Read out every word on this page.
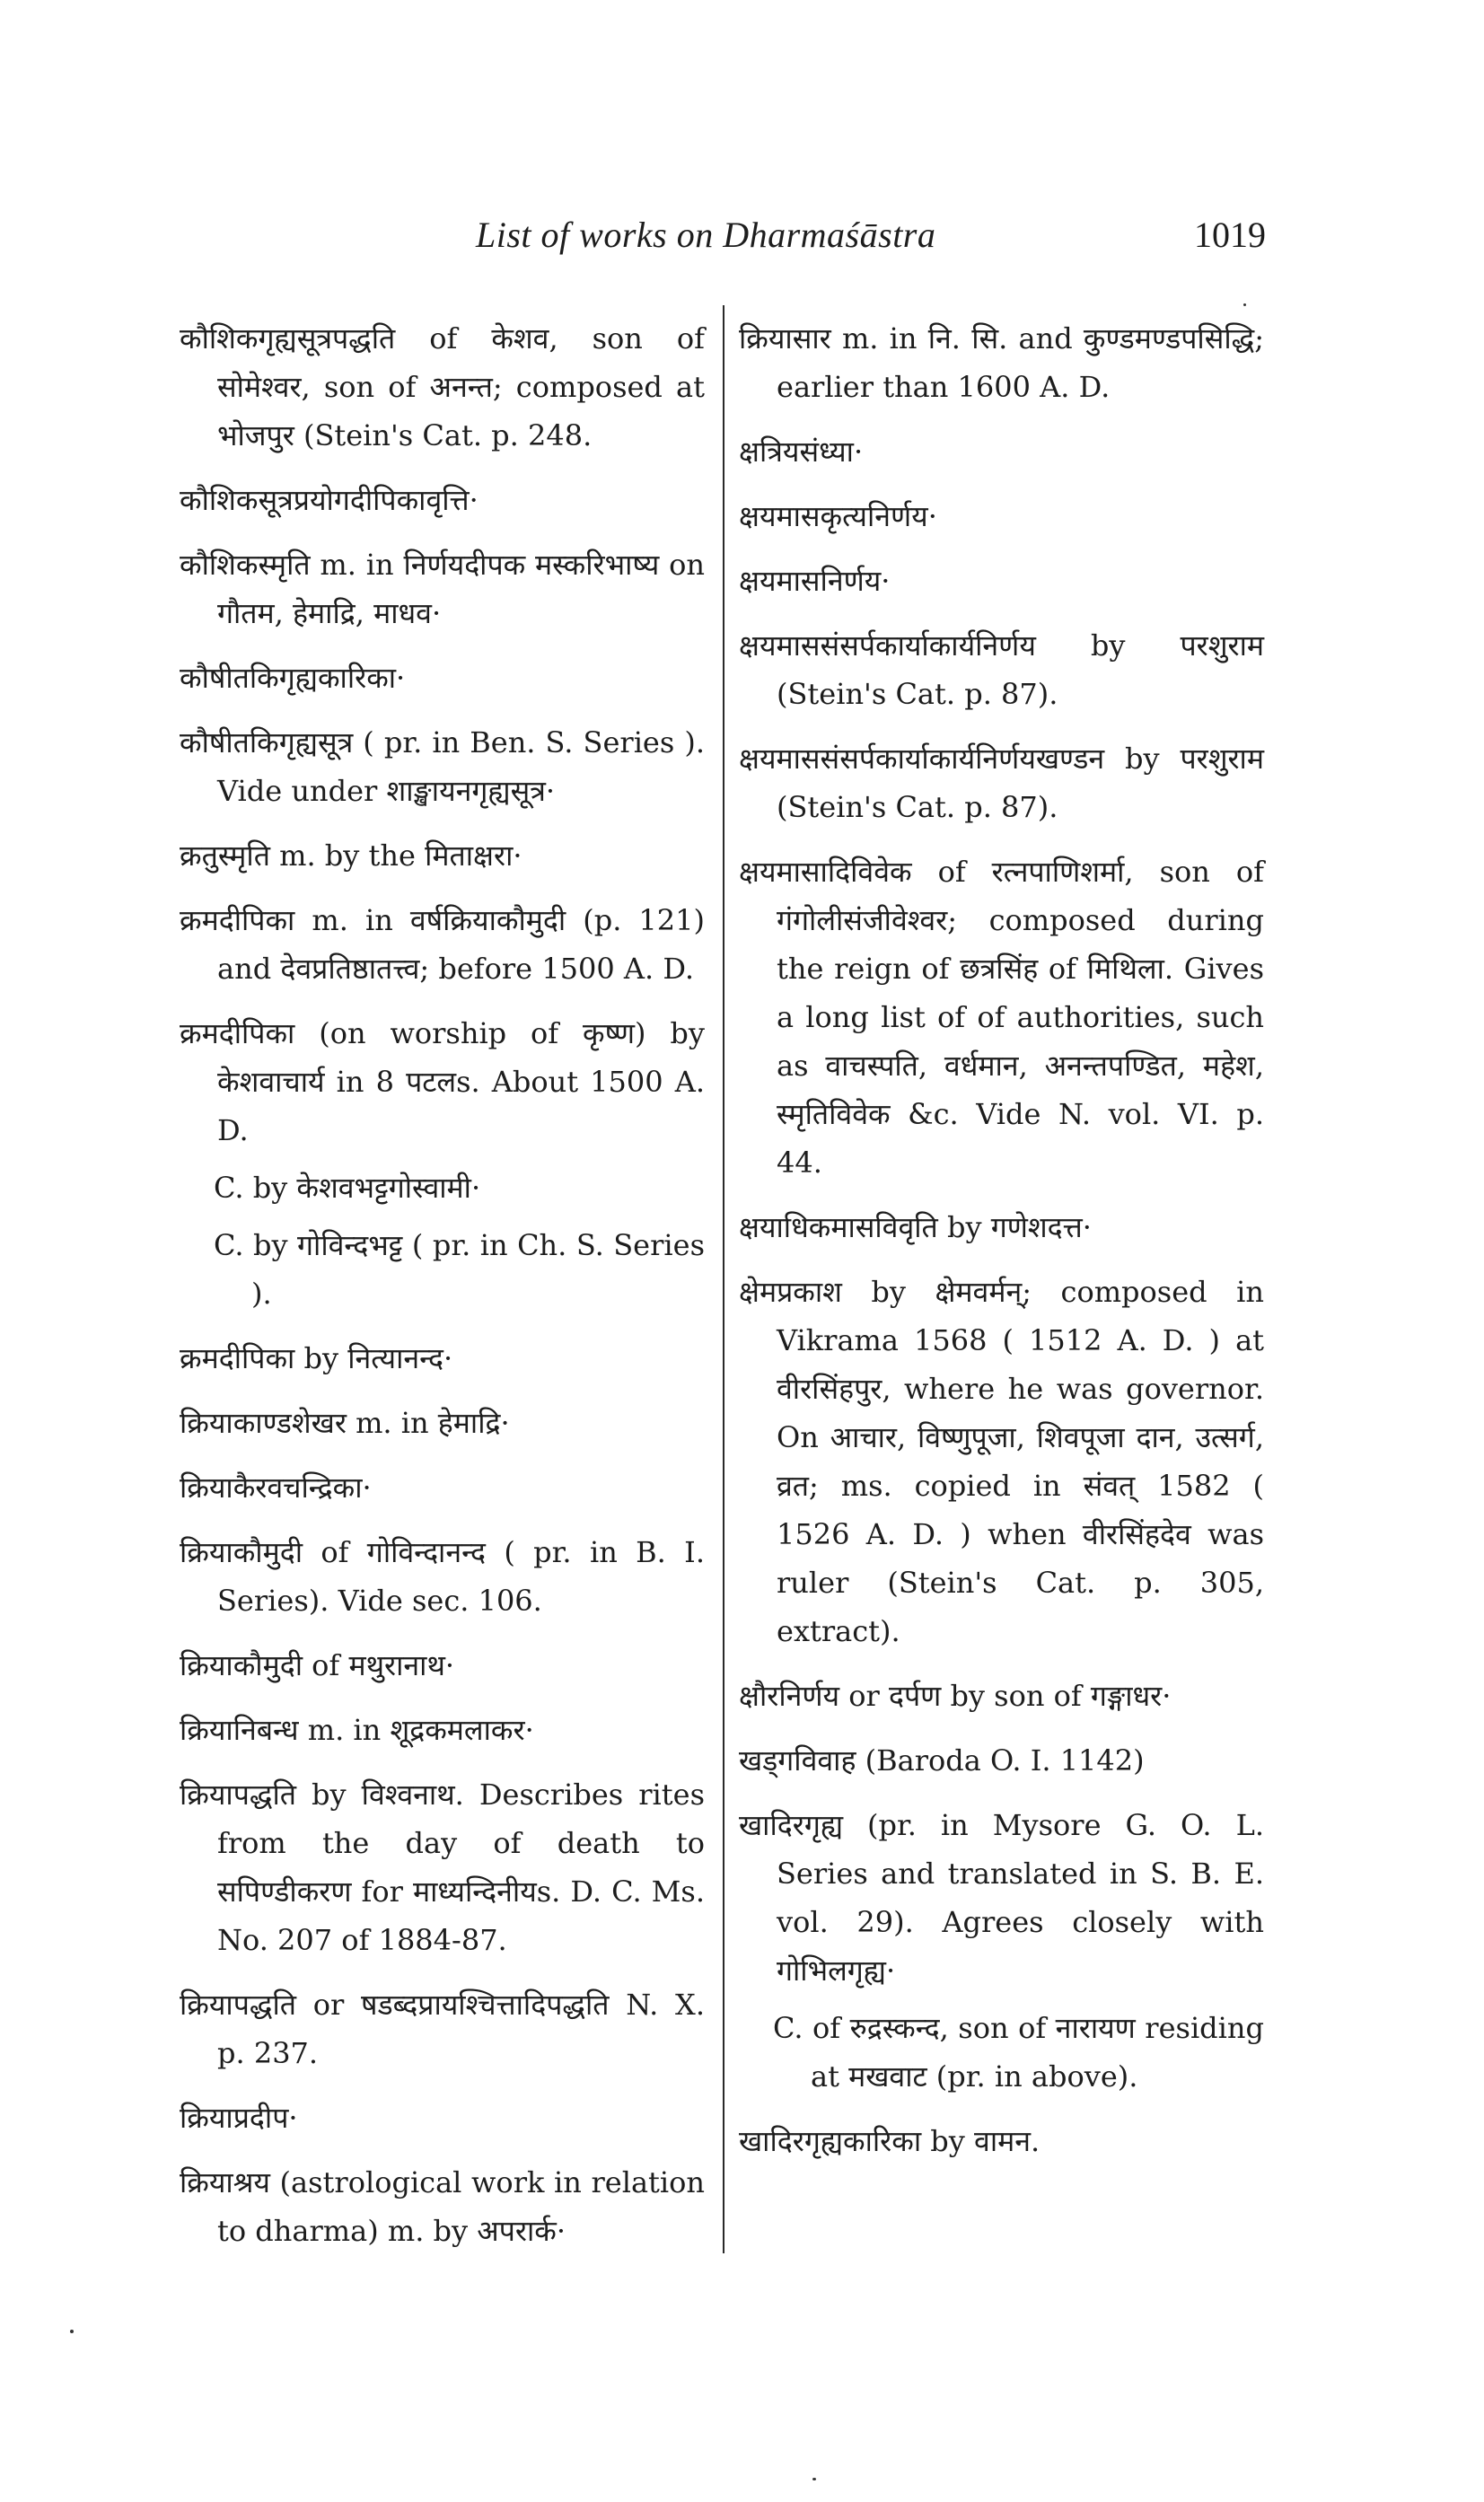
List of works on Dharmaśāstra	1019

कौशिकगृह्यसूत्रपद्धति of केशव, son of सोमेश्वर, son of अनन्त; composed at भोजपुर (Stein's Cat. p. 248.

कौशिकसूत्रप्रयोगदीपिकावृत्ति·

कौशिकस्मृति m. in निर्णयदीपक मस्करिभाष्य on गौतम, हेमाद्रि, माधव·

कौषीतकिगृह्यकारिका·

कौषीतकिगृह्यसूत्र ( pr. in Ben. S. Series ). Vide under शाङ्खायनगृह्यसूत्र·

क्रतुस्मृति m. by the मिताक्षरा·

क्रमदीपिका m. in वर्षक्रियाकौमुदी (p. 121) and देवप्रतिष्ठातत्त्व; before 1500 A. D.

क्रमदीपिका (on worship of कृष्ण) by केशवाचार्य in 8 पटलs. About 1500 A. D.

C. by केशवभट्टगोस्वामी·

C. by गोविन्दभट्ट ( pr. in Ch. S. Series ).

क्रमदीपिका by नित्यानन्द·

क्रियाकाण्डशेखर m. in हेमाद्रि·

क्रियाकैरवचन्द्रिका·

क्रियाकौमुदी of गोविन्दानन्द ( pr. in B. I. Series). Vide sec. 106.

क्रियाकौमुदी of मथुरानाथ·

क्रियानिबन्ध m. in शूद्रकमलाकर·

क्रियापद्धति by विश्वनाथ. Describes rites from the day of death to सपिण्डीकरण for माध्यन्दिनीयs. D. C. Ms. No. 207 of 1884-87.

क्रियापद्धति or षडब्दप्रायश्चित्तादिपद्धति N. X. p. 237.

क्रियाप्रदीप·

क्रियाश्रय (astrological work in relation to dharma) m. by अपरार्क·

क्रियासार m. in नि. सि. and कुण्डमण्डपसिद्धि; earlier than 1600 A. D.

क्षत्रियसंध्या·

क्षयमासकृत्यनिर्णय·

क्षयमासनिर्णय·

क्षयमाससंसर्पकार्याकार्यनिर्णय by परशुराम (Stein's Cat. p. 87).

क्षयमाससंसर्पकार्याकार्यनिर्णयखण्डन by परशुराम (Stein's Cat. p. 87).

क्षयमासादिविवेक of रत्नपाणिशर्मा, son of गंगोलीसंजीवेश्वर; composed during the reign of छत्रसिंह of मिथिला. Gives a long list of of authorities, such as वाचस्पति, वर्धमान, अनन्तपण्डित, महेश, स्मृतिविवेक &c. Vide N. vol. VI. p. 44.

क्षयाधिकमासविवृति by गणेशदत्त·

क्षेमप्रकाश by क्षेमवर्मन्; composed in Vikrama 1568 ( 1512 A. D. ) at वीरसिंहपुर, where he was governor. On आचार, विष्णुपूजा, शिवपूजा दान, उत्सर्ग, व्रत; ms. copied in संवत् 1582 ( 1526 A. D. ) when वीरसिंहदेव was ruler (Stein's Cat. p. 305, extract).

क्षौरनिर्णय or दर्पण by son of गङ्गाधर·

खड्गविवाह (Baroda O. I. 1142)

खादिरगृह्य (pr. in Mysore G. O. L. Series and translated in S. B. E. vol. 29). Agrees closely with गोभिलगृह्य·

C. of रुद्रस्कन्द, son of नारायण residing at मखवाट (pr. in above).

खादिरगृह्यकारिका by वामन.
